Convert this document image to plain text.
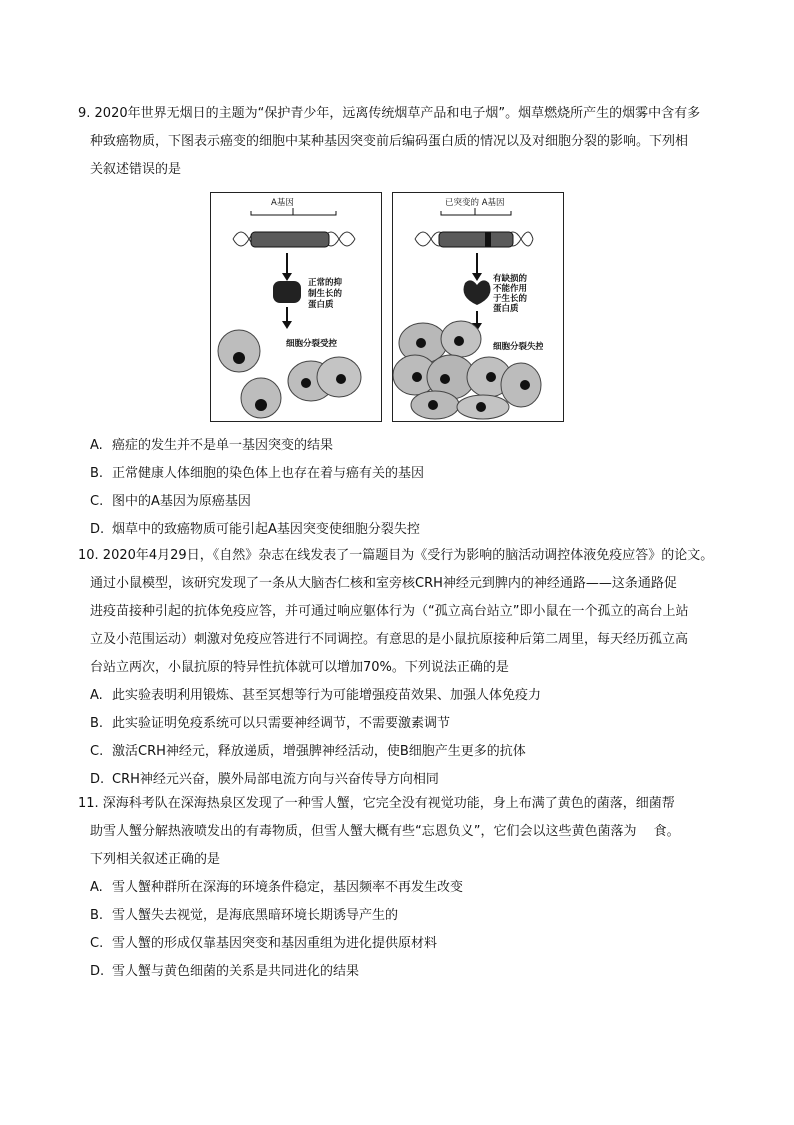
9. 2020年世界无烟日的主题为“保护青少年，远离传统烟草产品和电子烟”。烟草燃烧所产生的烟雾中含有多

种致癌物质，下图表示癌变的细胞中某种基因突变前后编码蛋白质的情况以及对细胞分裂的影响。下列相

关叙述错误的是

A基因
正常的抑
制生长的
蛋白质
细胞分裂受控
已突变的 A基因
有缺损的
不能作用
于生长的
蛋白质
细胞分裂失控

A. 癌症的发生并不是单一基因突变的结果

B. 正常健康人体细胞的染色体上也存在着与癌有关的基因

C. 图中的A基因为原癌基因

D. 烟草中的致癌物质可能引起A基因突变使细胞分裂失控

10. 2020年4月29日，《自然》杂志在线发表了一篇题目为《受行为影响的脑活动调控体液免疫应答》的论文。

通过小鼠模型，该研究发现了一条从大脑杏仁核和室旁核CRH神经元到脾内的神经通路——这条通路促

进疫苗接种引起的抗体免疫应答，并可通过响应躯体行为（“孤立高台站立”即小鼠在一个孤立的高台上站

立及小范围运动）刺激对免疫应答进行不同调控。有意思的是小鼠抗原接种后第二周里，每天经历孤立高

台站立两次，小鼠抗原的特异性抗体就可以增加70%。下列说法正确的是

A. 此实验表明利用锻炼、甚至冥想等行为可能增强疫苗效果、加强人体免疫力

B. 此实验证明免疫系统可以只需要神经调节，不需要激素调节

C. 激活CRH神经元，释放递质，增强脾神经活动，使B细胞产生更多的抗体

D. CRH神经元兴奋，膜外局部电流方向与兴奋传导方向相同

11. 深海科考队在深海热泉区发现了一种雪人蟹，它完全没有视觉功能，身上布满了黄色的菌落，细菌帮

助雪人蟹分解热液喷发出的有毒物质，但雪人蟹大概有些“忘恩负义”，它们会以这些黄色菌落为　 食。

下列相关叙述正确的是

A. 雪人蟹种群所在深海的环境条件稳定，基因频率不再发生改变

B. 雪人蟹失去视觉，是海底黑暗环境长期诱导产生的

C. 雪人蟹的形成仅靠基因突变和基因重组为进化提供原材料

D. 雪人蟹与黄色细菌的关系是共同进化的结果
